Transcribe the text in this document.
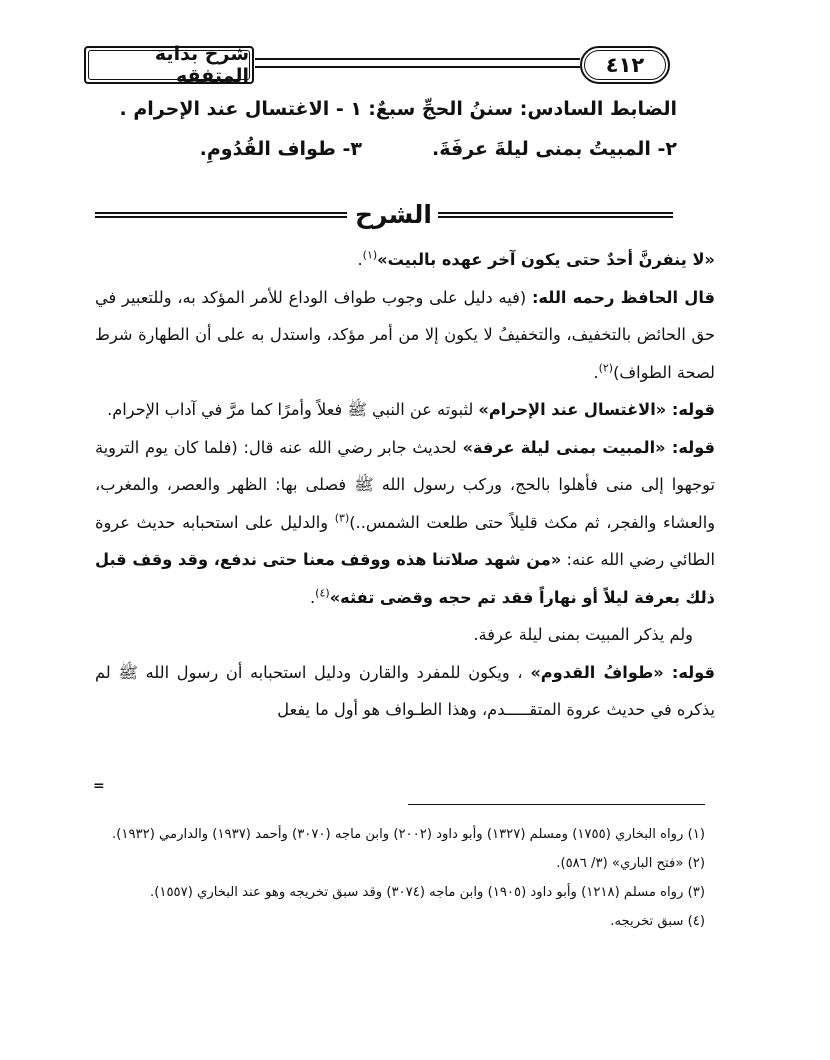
شرح بداية المتفقه	٤١٢
الضابط السادس: سننُ الحجِّ سبعٌ:
١ - الاغتسال عند الإحرام .
٢- المبيتُ بمنى ليلةَ عرفَةَ.
٣- طواف القُدُومِ.
الشرح

«لا ينفرنَّ أحدٌ حتى يكون آخر عهده بالبيت»$^{(١)}$.

قال الحافظ رحمه الله: (فيه دليل على وجوب طواف الوداع للأمر المؤكد به، وللتعبير في حق الحائض بالتخفيف، والتخفيفُ لا يكون إلا من أمر مؤكد، واستدل به على أن الطهارة شرط لصحة الطواف)$^{(٢)}$.

قوله: «الاغتسال عند الإحرام» لثبوته عن النبي ﷺ فعلاً وأمرًا كما مرَّ في آداب الإحرام.

قوله: «المبيت بمنى ليلة عرفة» لحديث جابر رضي الله عنه قال: (فلما كان يوم التروية توجهوا إلى منى فأهلوا بالحج، وركب رسول الله ﷺ فصلى بها: الظهر والعصر، والمغرب، والعشاء والفجر، ثم مكث قليلاً حتى طلعت الشمس..)$^{(٣)}$ والدليل على استحبابه حديث عروة الطائي رضي الله عنه: «من شهد صلاتنا هذه ووقف معنا حتى ندفع، وقد وقف قبل ذلك بعرفة ليلاً أو نهاراً فقد تم حجه وقضى تفثه»$^{(٤)}$.

ولم يذكر المبيت بمنى ليلة عرفة.

قوله: «طوافُ القدوم» ، ويكون للمفرد والقارن ودليل استحبابه أن رسول الله ﷺ لم يذكره في حديث عروة المتقـــــدم، وهذا الطـواف هو أول ما يفعل

=

(١) رواه البخاري (١٧٥٥) ومسلم (١٣٢٧) وأبو داود (٢٠٠٢) وابن ماجه (٣٠٧٠) وأحمد (١٩٣٧) والدارمي (١٩٣٢).

(٢) «فتح الباري» (٣/ ٥٨٦).

(٣) رواه مسلم (١٢١٨) وأبو داود (١٩٠٥) وابن ماجه (٣٠٧٤) وقد سبق تخريجه وهو عند البخاري (١٥٥٧).

(٤) سبق تخريجه.
